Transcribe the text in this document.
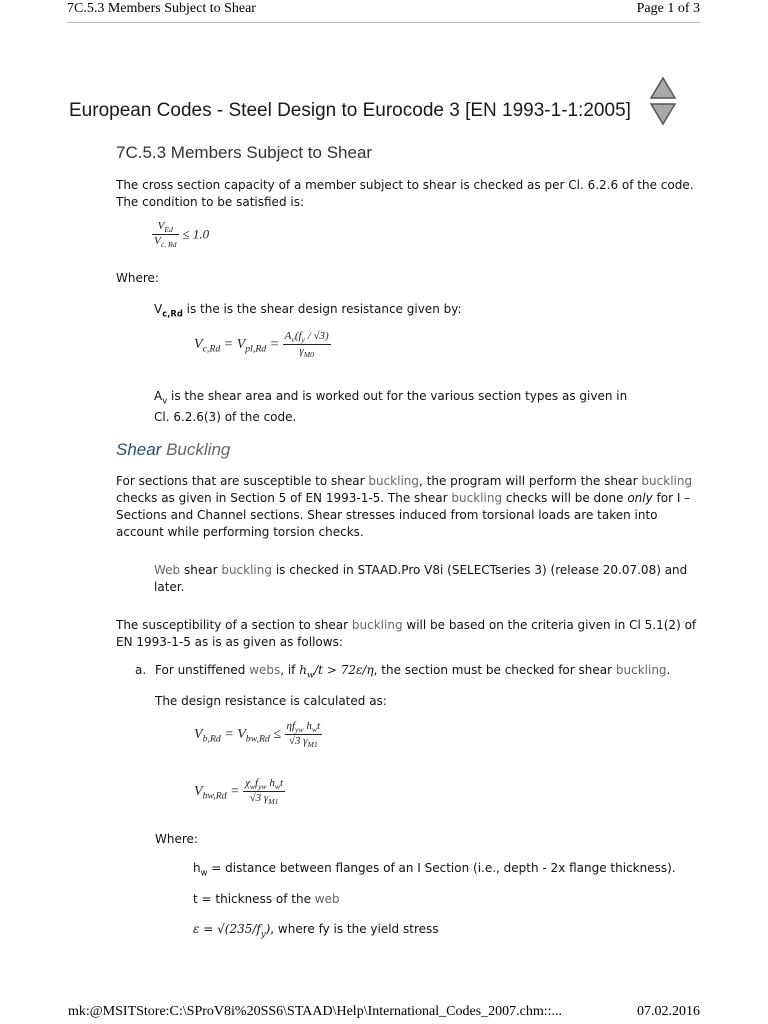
7C.5.3 Members Subject to Shear	Page 1 of 3
European Codes - Steel Design to Eurocode 3 [EN 1993-1-1:2005]
7C.5.3 Members Subject to Shear
The cross section capacity of a member subject to shear is checked as per Cl. 6.2.6 of the code. The condition to be satisfied is:
$\frac{V_{Ed}}{V_{c, Rd}} \le 1.0$
Where:
$V_{c,Rd}$ is the is the shear design resistance given by:
$V_{c,Rd} = V_{pl,Rd} = \frac{A_v(f_y / √3)}{\gamma_{M0}}$
$A_v$ is the shear area and is worked out for the various section types as given in Cl. 6.2.6(3) of the code.
Shear Buckling
For sections that are susceptible to shear buckling, the program will perform the shear buckling checks as given in Section 5 of EN 1993-1-5. The shear buckling checks will be done only for I –Sections and Channel sections. Shear stresses induced from torsional loads are taken into account while performing torsion checks.
Web shear buckling is checked in STAAD.Pro V8i (SELECTseries 3) (release 20.07.08) and later.
The susceptibility of a section to shear buckling will be based on the criteria given in Cl 5.1(2) of EN 1993-1-5 as is as given as follows:
a. For unstiffened webs, if $h_w/t > 72\varepsilon/\eta$, the section must be checked for shear buckling.
The design resistance is calculated as:
$V_{b,Rd} = V_{bw,Rd} \le \frac{\eta f_{yw} h_wt}{√3 \gamma_{M1}}$
$V_{bw,Rd} = \frac{\chi_wf_{yw} h_wt}{√3 \gamma_{M1}}$
Where:
$h_w$ = distance between flanges of an I Section (i.e., depth - 2x flange thickness).
t = thickness of the web
$\varepsilon = √(235/f_y)$, where fy is the yield stress
mk:@MSITStore:C:\SProV8i%20SS6\STAAD\Help\International_Codes_2007.chm::...	07.02.2016
